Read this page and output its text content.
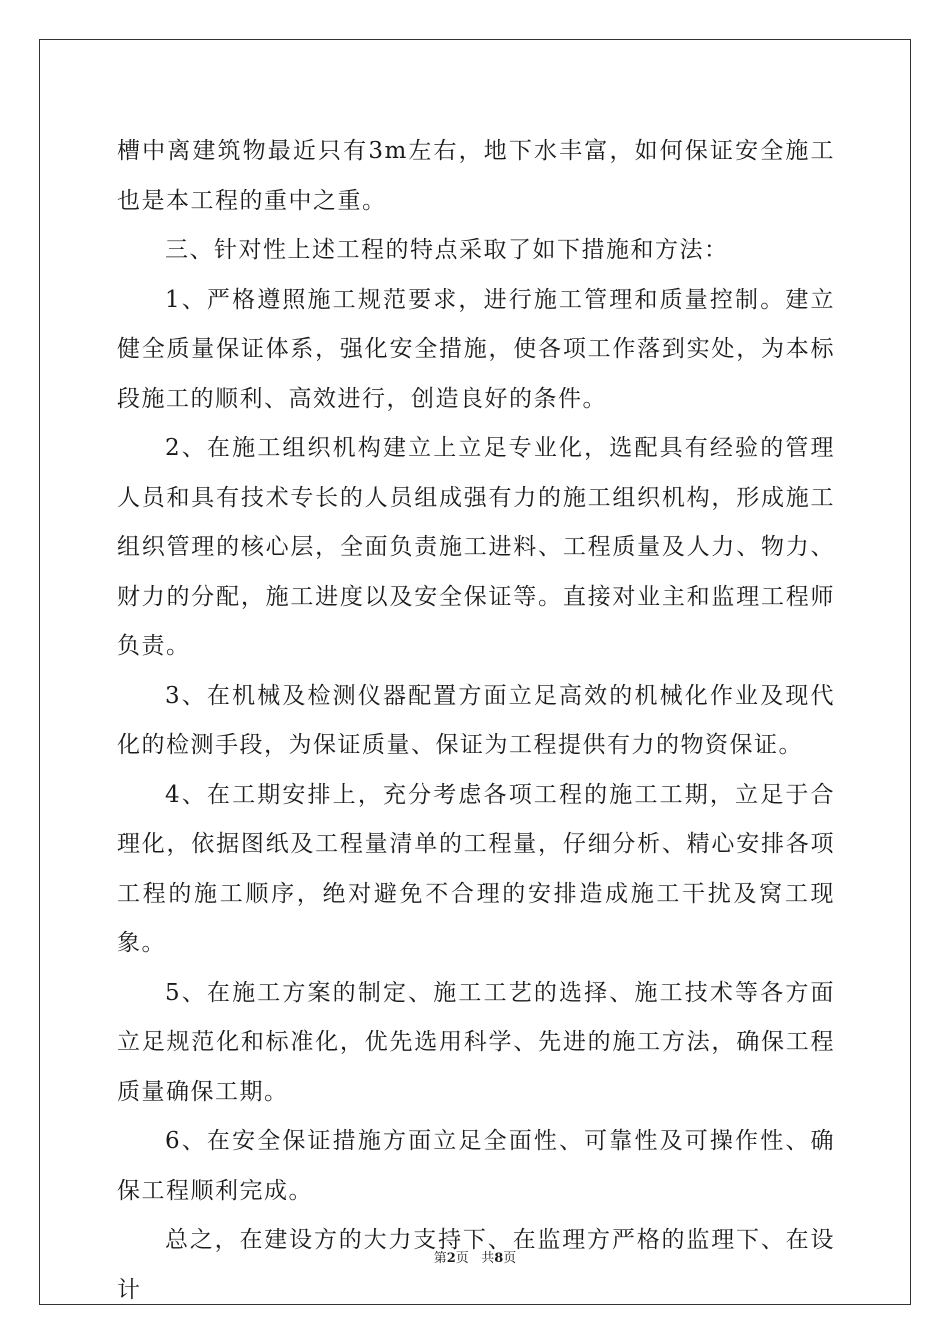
槽中离建筑物最近只有3m左右，地下水丰富，如何保证安全施工也是本工程的重中之重。

三、针对性上述工程的特点采取了如下措施和方法：

1、严格遵照施工规范要求，进行施工管理和质量控制。建立健全质量保证体系，强化安全措施，使各项工作落到实处，为本标段施工的顺利、高效进行，创造良好的条件。

2、在施工组织机构建立上立足专业化，选配具有经验的管理人员和具有技术专长的人员组成强有力的施工组织机构，形成施工组织管理的核心层，全面负责施工进料、工程质量及人力、物力、财力的分配，施工进度以及安全保证等。直接对业主和监理工程师负责。

3、在机械及检测仪器配置方面立足高效的机械化作业及现代化的检测手段，为保证质量、保证为工程提供有力的物资保证。

4、在工期安排上，充分考虑各项工程的施工工期，立足于合理化，依据图纸及工程量清单的工程量，仔细分析、精心安排各项工程的施工顺序，绝对避免不合理的安排造成施工干扰及窝工现象。

5、在施工方案的制定、施工工艺的选择、施工技术等各方面立足规范化和标准化，优先选用科学、先进的施工方法，确保工程质量确保工期。

6、在安全保证措施方面立足全面性、可靠性及可操作性、确保工程顺利完成。

总之，在建设方的大力支持下、在监理方严格的监理下、在设计

第2页 共8页
